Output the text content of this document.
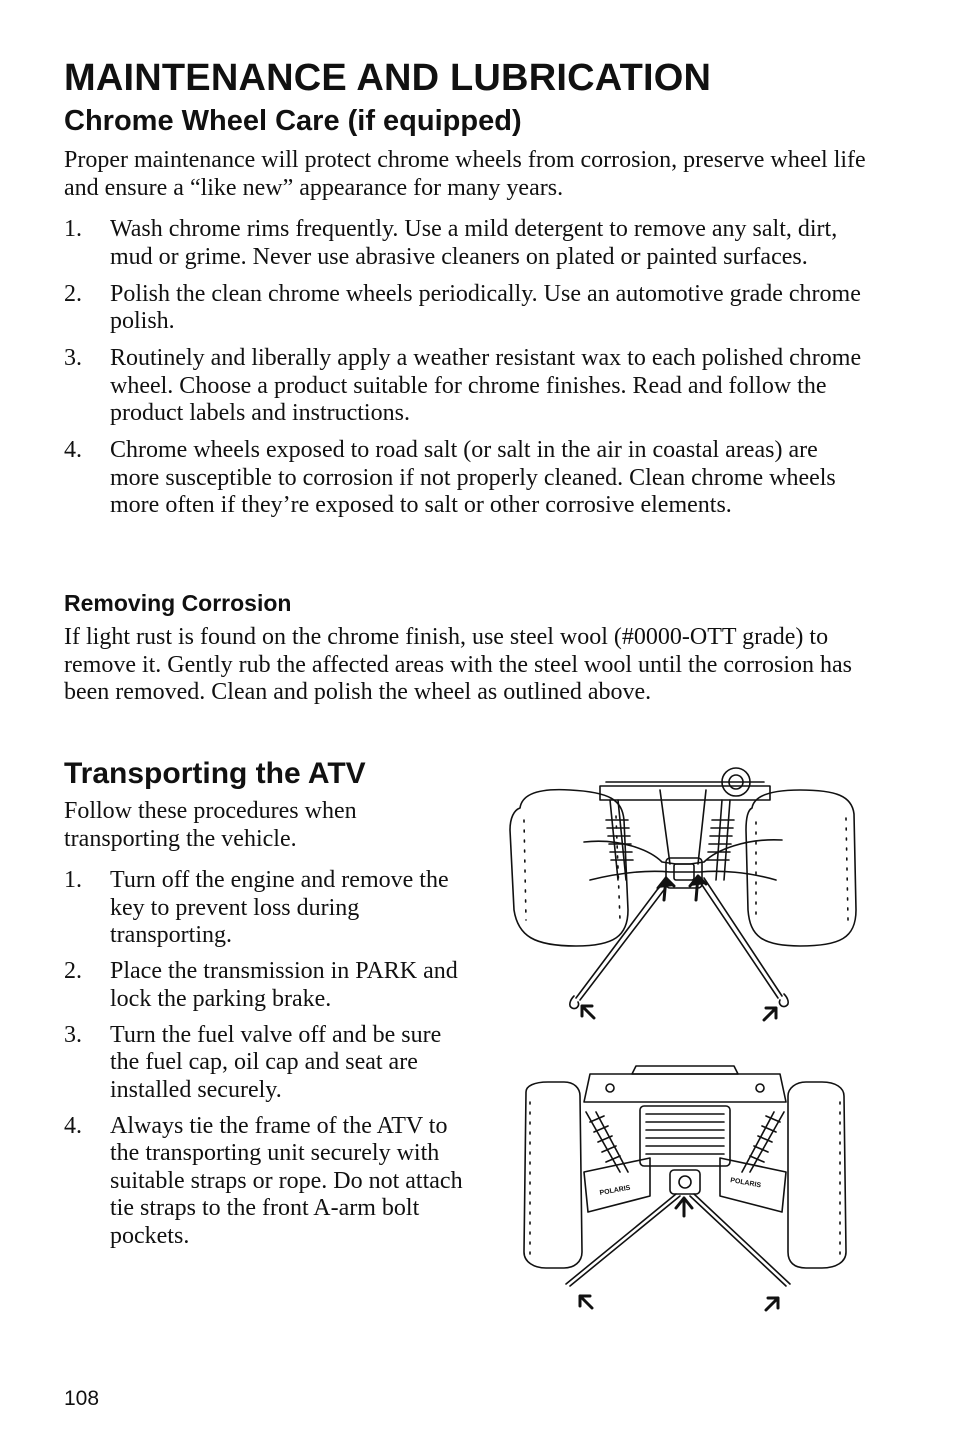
MAINTENANCE AND LUBRICATION
Chrome Wheel Care (if equipped)

Proper maintenance will protect chrome wheels from corrosion, preserve wheel life and ensure a “like new” appearance for many years.

1. Wash chrome rims frequently. Use a mild detergent to remove any salt, dirt, mud or grime. Never use abrasive cleaners on plated or painted surfaces.
2. Polish the clean chrome wheels periodically. Use an automotive grade chrome polish.
3. Routinely and liberally apply a weather resistant wax to each polished chrome wheel. Choose a product suitable for chrome finishes. Read and follow the product labels and instructions.
4. Chrome wheels exposed to road salt (or salt in the air in coastal areas) are more susceptible to corrosion if not properly cleaned. Clean chrome wheels more often if they’re exposed to salt or other corrosive elements.
Removing Corrosion

If light rust is found on the chrome finish, use steel wool (#0000-OTT grade) to remove it. Gently rub the affected areas with the steel wool until the corrosion has been removed. Clean and polish the wheel as outlined above.

Transporting the ATV

Follow these procedures when transporting the vehicle.

1. Turn off the engine and remove the key to prevent loss during transporting.
2. Place the transmission in PARK and lock the parking brake.
3. Turn the fuel valve off and be sure the fuel cap, oil cap and seat are installed securely.
4. Always tie the frame of the ATV to the transporting unit securely with suitable straps or rope. Do not attach tie straps to the front A-arm bolt pockets.
POLARIS
POLARIS
108
